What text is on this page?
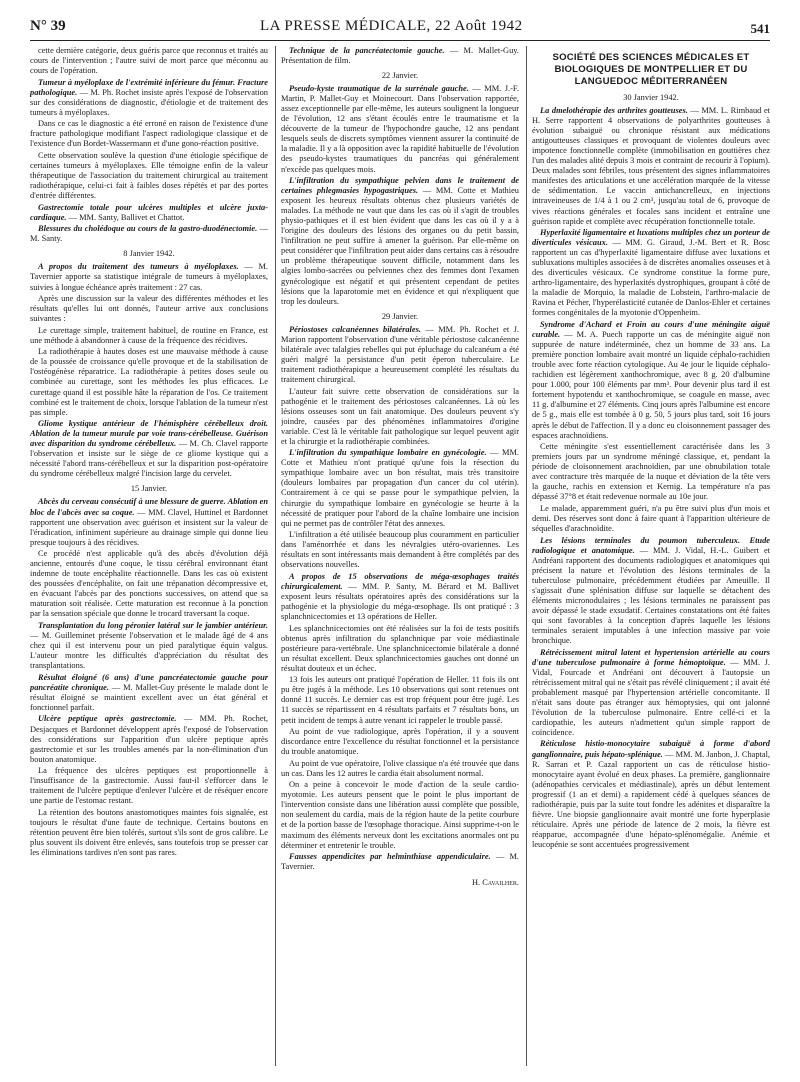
N° 39	LA PRESSE MÉDICALE, 22 Août 1942	541

cette dernière catégorie, deux guéris parce que reconnus et traités au cours de l'intervention ; l'autre suivi de mort parce que méconnu au cours de l'opération.

Tumeur à myéloplaxe de l'extrémité inférieure du fémur. Fracture pathologique. — M. Ph. Rochet insiste après l'exposé de l'observation sur des considérations de diagnostic, d'étiologie et de traitement des tumeurs à myéloplaxes.

Dans ce cas le diagnostic a été erroné en raison de l'existence d'une fracture pathologique modifiant l'aspect radiologique classique et de l'existence d'un Bordet-Wassermann et d'une gono-réaction positive.

Cette observation soulève la question d'une étiologie spécifique de certaines tumeurs à myéloplaxes. Elle témoigne enfin de la valeur thérapeutique de l'association du traitement chirurgical au traitement radiothérapique, celui-ci fait à faibles doses répétés et par des portes d'entrée différentes.

Gastrectomie totale pour ulcères multiples et ulcère juxta-cardiaque. — MM. Santy, Ballivet et Chattot.

Blessures du cholédoque au cours de la gastro-duodénectomie. — M. Santy.

8 Janvier 1942.

A propos du traitement des tumeurs à myéloplaxes. — M. Tavernier apporte sa statistique intégrale de tumeurs à myéloplaxes, suivies à longue échéance après traitement : 27 cas.

Après une discussion sur la valeur des différentes méthodes et les résultats qu'elles lui ont donnés, l'auteur arrive aux conclusions suivantes :

Le curettage simple, traitement habituel, de routine en France, est une méthode à abandonner à cause de la fréquence des récidives.

La radiothérapie à hautes doses est une mauvaise méthode à cause de la poussée de croissance qu'elle provoque et de la stabilisation de l'ostéogénèse réparatrice. La radiothérapie à petites doses seule ou combinée au curettage, sont les méthodes les plus efficaces. Le curettage quand il est possible hâte la réparation de l'os. Ce traitement combiné est le traitement de choix, lorsque l'ablation de la tumeur n'est pas simple.

Gliome kystique antérieur de l'hémisphère cérébelleux droit. Ablation de la tumeur murale par voie trans-cérébelleuse. Guérison avec disparition du syndrome cérébelleux. — M. Ch. Clavel rapporte l'observation et insiste sur le siège de ce gliome kystique qui a nécessité l'abord trans-cérébelleux et sur la disparition post-opératoire du syndrome cérébelleux malgré l'incision large du cervelet.

15 Janvier.

Abcès du cerveau consécutif à une blessure de guerre. Ablation en bloc de l'abcès avec sa coque. — MM. Clavel, Huttinel et Bardonnet rapportent une observation avec guérison et insistent sur la valeur de l'éradication, infiniment supérieure au drainage simple qui donne lieu presque toujours à des récidives.

Ce procédé n'est applicable qu'à des abcès d'évolution déjà ancienne, entourés d'une coque, le tissu cérébral environnant étant indemne de toute encéphalite réactionnelle. Dans les cas où existent des poussées d'encéphalite, on fait une trépanation décompressive et, en évacuant l'abcès par des ponctions successives, on attend que sa maturation soit réalisée. Cette maturation est reconnue à la ponction par la sensation spéciale que donne le trocard traversant la coque.

Transplantation du long péronier latéral sur le jambier antérieur. — M. Guilleminet présente l'observation et le malade âgé de 4 ans chez qui il est intervenu pour un pied paralytique équin valgus. L'auteur montre les difficultés d'appréciation du résultat des transplantations.

Résultat éloigné (6 ans) d'une pancréatectomie gauche pour pancréatite chronique. — M. Mallet-Guy présente le malade dont le résultat éloigné se maintient excellent avec un état général et fonctionnel parfait.

Ulcère peptique après gastrectomie. — MM. Ph. Rochet, Desjacques et Bardonnet développent après l'exposé de l'observation des considérations sur l'apparition d'un ulcère peptique après gastrectomie et sur les troubles amenés par la non-élimination d'un bouton anatomique.

La fréquence des ulcères peptiques est proportionnelle à l'insuffisance de la gastrectomie. Aussi faut-il s'efforcer dans le traitement de l'ulcère peptique d'enlever l'ulcère et de réséquer encore une partie de l'estomac restant.

La rétention des boutons anastomotiques maintes fois signalée, est toujours le résultat d'une faute de technique. Certains boutons en rétention peuvent être bien tolérés, surtout s'ils sont de gros calibre. Le plus souvent ils doivent être enlevés, sans toutefois trop se presser car les éliminations tardives n'en sont pas rares.

Technique de la pancréatectomie gauche. — M. Mallet-Guy. Présentation de film.

22 Janvier.

Pseudo-kyste traumatique de la surrénale gauche. — MM. J.-F. Martin, P. Mallet-Guy et Moinecourt. Dans l'observation rapportée, assez exceptionnelle par elle-même, les auteurs soulignent la longueur de l'évolution, 12 ans s'étant écoulés entre le traumatisme et la découverte de la tumeur de l'hypochondre gauche, 12 ans pendant lesquels seuls de discrets symptômes viennent assurer la continuité de la maladie. Il y a là opposition avec la rapidité habituelle de l'évolution des pseudo-kystes traumatiques du pancréas qui généralement n'excède pas quelques mois.

L'infiltration du sympathique pelvien dans le traitement de certaines phlegmasies hypogastriques. — MM. Cotte et Mathieu exposent les heureux résultats obtenus chez plusieurs variétés de malades. La méthode ne vaut que dans les cas où il s'agit de troubles physio-pathiques et il est bien évident que dans les cas où il y a à l'origine des douleurs des lésions des organes ou du petit bassin, l'infiltration ne peut suffire à amener la guérison. Par elle-même on peut considérer que l'infiltration peut aider dans certains cas à résoudre un problème thérapeutique souvent difficile, notamment dans les algies lombo-sacrées ou pelviennes chez des femmes dont l'examen gynécologique est négatif et qui présentent cependant de petites lésions que la laparotomie met en évidence et qui n'expliquent que trop les douleurs.

29 Janvier.

Périostoses calcanéennes bilatérales. — MM. Ph. Rochet et J. Marion rapportent l'observation d'une véritable périostose calcanéenne bilatérale avec talalgies rebelles qui put épluchage du calcanéum a été guéri malgré la persistance d'un petit éperon tuberculaire. Le traitement radiothérapique a heureusement complété les résultats du traitement chirurgical.

L'auteur fait suivre cette observation de considérations sur la pathogénie et le traitement des périostoses calcanéennes. Là où les lésions osseuses sont un fait anatomique. Des douleurs peuvent s'y joindre, causées par des phénomènes inflammatoires d'origine variable. C'est là le véritable fait pathologique sur lequel peuvent agir et la chirurgie et la radiothérapie combinées.

L'infiltration du sympathique lombaire en gynécologie. — MM. Cotte et Mathieu n'ont pratiqué qu'une fois la résection du sympathique lombaire avec un bon résultat, mais très transitoire (douleurs lombaires par propagation d'un cancer du col utérin). Contrairement à ce qui se passe pour le sympathique pelvien, la chirurgie du sympathique lombaire en gynécologie se heurte à la nécessité de pratiquer pour l'abord de la chaîne lombaire une incision qui ne permet pas de contrôler l'état des annexes.

L'infiltration a été utilisée beaucoup plus couramment en particulier dans l'aménorrhée et dans les névralgies utéro-ovariennes. Les résultats en sont intéressants mais demandent à être complétés par des observations nouvelles.

A propos de 15 observations de méga-œsophages traités chirurgicalement. — MM. P. Santy, M. Bérard et M. Ballivet exposent leurs résultats opératoires après des considérations sur la pathogénie et la physiologie du méga-œsophage. Ils ont pratiqué : 3 splanchnicectomies et 13 opérations de Heller.

Les splanchnicectomies ont été réalisées sur la foi de tests positifs obtenus après infiltration du splanchnique par voie médiastinale postérieure para-vertébrale. Une splanchnicectomie bilatérale a donné un résultat excellent. Deux splanchnicectomies gauches ont donné un résultat douteux et un échec.

13 fois les auteurs ont pratiqué l'opération de Heller. 11 fois ils ont pu être jugés à la méthode. Les 10 observations qui sont retenues ont donné 11 succès. Le dernier cas est trop fréquent pour être jugé. Les 11 succès se répartissent en 4 résultats parfaits et 7 résultats bons, un petit incident de temps à autre venant ici rappeler le trouble passé.

Au point de vue radiologique, après l'opération, il y a souvent discordance entre l'excellence du résultat fonctionnel et la persistance du trouble anatomique.

Au point de vue opératoire, l'olive classique n'a été trouvée que dans un cas. Dans les 12 autres le cardia était absolument normal.

On a peine à concevoir le mode d'action de la seule cardio-myotomie. Les auteurs pensent que le point le plus important de l'intervention consiste dans une libération aussi complète que possible, non seulement du cardia, mais de la région haute de la petite courbure et de la portion basse de l'œsophage thoracique. Ainsi supprime-t-on le maximum des éléments nerveux dont les excitations anormales ont pu déterminer et entretenir le trouble.

Fausses appendicites par helminthiase appendiculaire. — M. Tavernier.

H. Cavailher.
SOCIÉTÉ DES SCIENCES MÉDICALES ET BIOLOGIQUES DE MONTPELLIER ET DU LANGUEDOC MÉDITERRANÉEN
30 Janvier 1942.

La dmelothérapie des arthrites goutteuses. — MM. L. Rimbaud et H. Serre rapportent 4 observations de polyarthrites goutteuses à évolution subaiguë ou chronique résistant aux médications antigoutteuses classiques et provoquant de violentes douleurs avec impotence fonctionnelle complète (immobilisation en gouttières chez l'un des malades alité depuis 3 mois et contraint de recourir à l'opium). Deux malades sont fébriles, tous présentent des signes inflammatoires manifestes des articulations et une accélération marquée de la vitesse de sédimentation. Le vaccin antichancrelleux, en injections intraveineuses de 1/4 à 1 ou 2 cm³, jusqu'au total de 6, provoque de vives réactions générales et focales sans incident et entraîne une guérison rapide et complète avec récupération fonctionnelle totale.

Hyperlaxité ligamentaire et luxations multiples chez un porteur de diverticules vésicaux. — MM. G. Giraud, J.-M. Bert et R. Bosc rapportent un cas d'hyperlaxité ligamentaire diffuse avec luxations et subluxations multiples associées à de discrètes anomalies osseuses et à des diverticules vésicaux. Ce syndrome constitue la forme pure, arthro-ligamentaire, des hyperlaxités dystrophiques, groupant à côté de la maladie de Morquio, la maladie de Lobstein, l'arthro-malacie de Ravina et Pécher, l'hyperélasticité cutanée de Danlos-Ehler et certaines formes congénitales de la myotonie d'Oppenheim.

Syndrome d'Achard et Froin au cours d'une méningite aiguë curable. — M. A. Puech rapporte un cas de méningite aiguë non suppurée de nature indéterminée, chez un homme de 33 ans. La première ponction lombaire avait montré un liquide céphalo-rachidien trouble avec forte réaction cytologique. Au 4e jour le liquide céphalo-rachidien est légèrement xanthochromique, avec 8 g. 20 d'albumine pour 1.000, pour 100 éléments par mm³. Pour devenir plus tard il est fortement hypotendu et xanthochromique, se coagule en masse, avec 11 g. d'albumine et 27 éléments. Cinq jours après l'albumine est encore de 5 g., mais elle est tombée à 0 g. 50, 5 jours plus tard, soit 16 jours après le début de l'affection. Il y a donc eu cloisonnement passager des espaces arachnoïdiens.

Cette méningite s'est essentiellement caractérisée dans les 3 premiers jours par un syndrome méningé classique, et, pendant la période de cloisonnement arachnoïdien, par une obnubilation totale avec contracture très marquée de la nuque et déviation de la tête vers la gauche, rachis en extension et Kernig. La température n'a pas dépassé 37°8 et était redevenue normale au 10e jour.

Le malade, apparemment guéri, n'a pu être suivi plus d'un mois et demi. Des réserves sont donc à faire quant à l'apparition ultérieure de séquelles d'arachnoïdite.

Les lésions terminales du poumon tuberculeux. Etude radiologique et anatomique. — MM. J. Vidal, H.-L. Guibert et Andréani rapportent des documents radiologiques et anatomiques qui précisent la nature et l'évolution des lésions terminales de la tuberculose pulmonaire, précédemment étudiées par Ameuille. Il s'agissait d'une splénisation diffuse sur laquelle se détachent des éléments micronodulaires ; les lésions terminales ne paraissent pas avoir dépassé le stade exsudatif. Certaines constatations ont été faites qui sont favorables à la conception d'après laquelle les lésions terminales seraient imputables à une infection massive par voie bronchique.

Rétrécissement mitral latent et hypertension artérielle au cours d'une tuberculose pulmonaire à forme hémoptoïque. — MM. J. Vidal, Fourcade et Andréani ont découvert à l'autopsie un rétrécissement mitral qui ne s'était pas révélé cliniquement ; il avait été probablement masqué par l'hypertension artérielle concomitante. Il n'était sans doute pas étranger aux hémoptysies, qui ont jalonné l'évolution de la tuberculose pulmonaire. Entre cellé-ci et la cardiopathie, les auteurs n'admettent qu'un simple rapport de coïncidence.

Réticulose histio-monocytaire subaiguë à forme d'abord ganglionnaire, puis hépato-splénique. — MM. M. Janbon, J. Chaptal, R. Sarran et P. Cazal rapportent un cas de réticulose histio-monocytaire ayant évolué en deux phases. La première, ganglionnaire (adénopathies cervicales et médiastinale), après un début lentement progressif (1 an et demi) a rapidement cédé à quelques séances de radiothérapie, puis par la suite tout fondre les adénites et disparaître la fièvre. Une biopsie ganglionnaire avait montré une forte hyperplasie réticulaire. Après une période de latence de 2 mois, la fièvre est réapparue, accompagnée d'une hépato-splénomégalie. Anémie et leucopénie se sont accentuées progressivement
